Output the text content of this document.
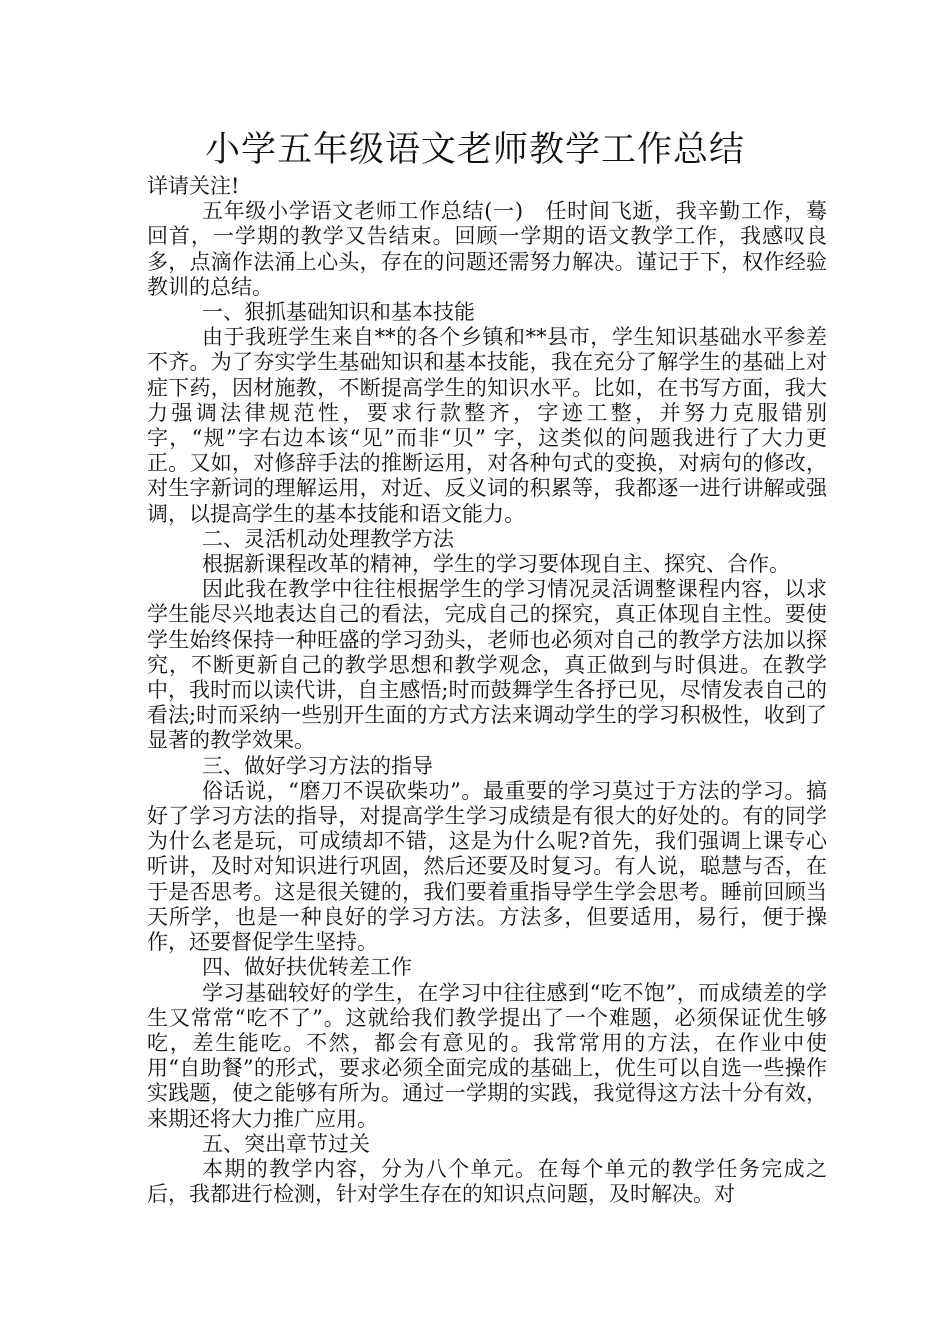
小学五年级语文老师教学工作总结

详请关注!

五年级小学语文老师工作总结(一)　任时间飞逝，我辛勤工作，蓦回首，一学期的教学又告结束。回顾一学期的语文教学工作，我感叹良多，点滴作法涌上心头，存在的问题还需努力解决。谨记于下，权作经验教训的总结。

一、狠抓基础知识和基本技能

由于我班学生来自**的各个乡镇和**县市，学生知识基础水平参差不齐。为了夯实学生基础知识和基本技能，我在充分了解学生的基础上对症下药，因材施教，不断提高学生的知识水平。比如，在书写方面，我大力强调法律规范性，要求行款整齐，字迹工整，并努力克服错别字，“规”字右边本该“见”而非“贝” 字，这类似的问题我进行了大力更正。又如，对修辞手法的推断运用，对各种句式的变换，对病句的修改，对生字新词的理解运用，对近、反义词的积累等，我都逐一进行讲解或强调，以提高学生的基本技能和语文能力。

二、灵活机动处理教学方法

根据新课程改革的精神，学生的学习要体现自主、探究、合作。

因此我在教学中往往根据学生的学习情况灵活调整课程内容，以求学生能尽兴地表达自己的看法，完成自己的探究，真正体现自主性。要使学生始终保持一种旺盛的学习劲头，老师也必须对自己的教学方法加以探究，不断更新自己的教学思想和教学观念，真正做到与时俱进。在教学中，我时而以读代讲，自主感悟;时而鼓舞学生各抒已见，尽情发表自己的看法;时而采纳一些别开生面的方式方法来调动学生的学习积极性，收到了显著的教学效果。

三、做好学习方法的指导

俗话说，“磨刀不误砍柴功”。最重要的学习莫过于方法的学习。搞好了学习方法的指导，对提高学生学习成绩是有很大的好处的。有的同学为什么老是玩，可成绩却不错，这是为什么呢?首先，我们强调上课专心听讲，及时对知识进行巩固，然后还要及时复习。有人说，聪慧与否，在于是否思考。这是很关键的，我们要着重指导学生学会思考。睡前回顾当天所学，也是一种良好的学习方法。方法多，但要适用，易行，便于操作，还要督促学生坚持。

四、做好扶优转差工作

学习基础较好的学生，在学习中往往感到“吃不饱”，而成绩差的学生又常常“吃不了”。这就给我们教学提出了一个难题，必须保证优生够吃，差生能吃。不然，都会有意见的。我常常用的方法，在作业中使用“自助餐”的形式，要求必须全面完成的基础上，优生可以自选一些操作实践题，使之能够有所为。通过一学期的实践，我觉得这方法十分有效，来期还将大力推广应用。

五、突出章节过关

本期的教学内容，分为八个单元。在每个单元的教学任务完成之后，我都进行检测，针对学生存在的知识点问题，及时解决。对
